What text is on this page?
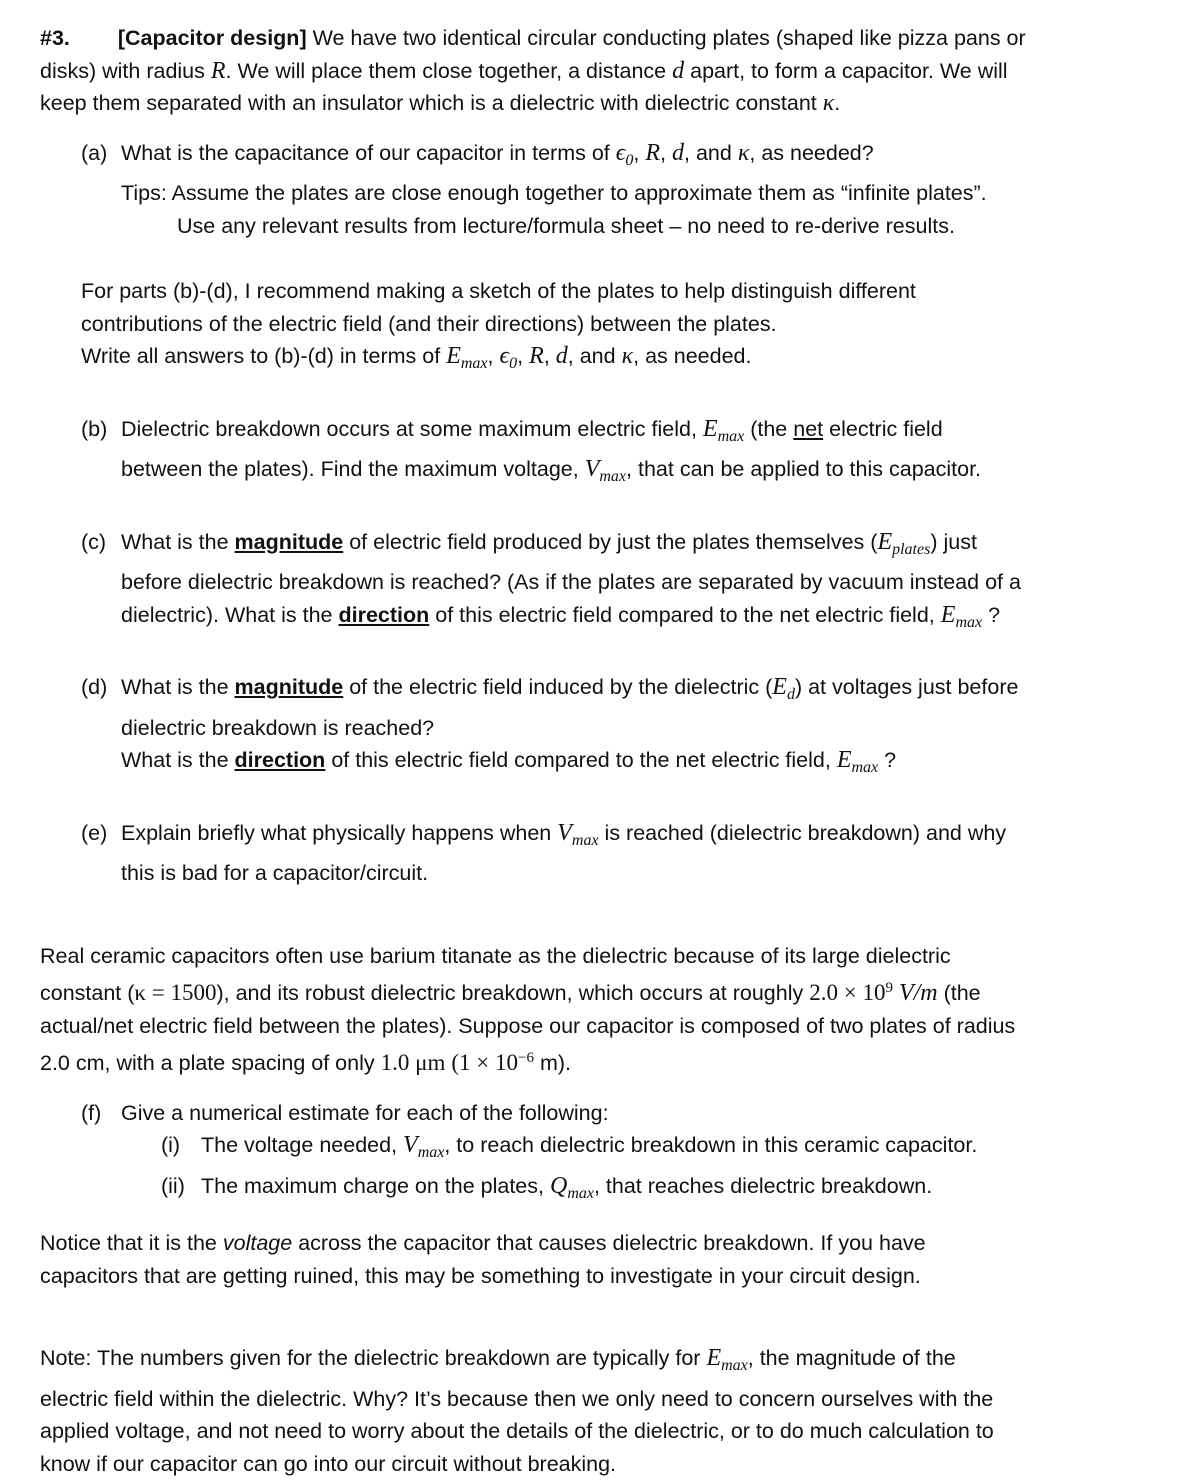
#3. [Capacitor design] We have two identical circular conducting plates (shaped like pizza pans or

disks) with radius R. We will place them close together, a distance d apart, to form a capacitor. We will

keep them separated with an insulator which is a dielectric with dielectric constant κ.

(a) What is the capacitance of our capacitor in terms of $\epsilon_0$, R, d, and κ, as needed?

Tips: Assume the plates are close enough together to approximate them as “infinite plates”.

Use any relevant results from lecture/formula sheet – no need to re-derive results.

For parts (b)-(d), I recommend making a sketch of the plates to help distinguish different

contributions of the electric field (and their directions) between the plates.

Write all answers to (b)-(d) in terms of $E_{max}$, $\epsilon_0$, R, d, and κ, as needed.

(b) Dielectric breakdown occurs at some maximum electric field, $E_{max}$ (the net electric field

between the plates). Find the maximum voltage, $V_{max}$, that can be applied to this capacitor.

(c) What is the magnitude of electric field produced by just the plates themselves $(E_{plates})$ just

before dielectric breakdown is reached? (As if the plates are separated by vacuum instead of a

dielectric). What is the direction of this electric field compared to the net electric field, $E_{max}$ ?

(d) What is the magnitude of the electric field induced by the dielectric $(E_d)$ at voltages just before

dielectric breakdown is reached?

What is the direction of this electric field compared to the net electric field, $E_{max}$ ?

(e) Explain briefly what physically happens when $V_{max}$ is reached (dielectric breakdown) and why

this is bad for a capacitor/circuit.

Real ceramic capacitors often use barium titanate as the dielectric because of its large dielectric

constant (κ = 1500), and its robust dielectric breakdown, which occurs at roughly $2.0 \times 10^9$ V/m (the

actual/net electric field between the plates). Suppose our capacitor is composed of two plates of radius

2.0 cm, with a plate spacing of only 1.0 μm ($1 \times 10^{-6}$ m).

(f) Give a numerical estimate for each of the following:

(i) The voltage needed, $V_{max}$, to reach dielectric breakdown in this ceramic capacitor.

(ii) The maximum charge on the plates, $Q_{max}$, that reaches dielectric breakdown.

Notice that it is the voltage across the capacitor that causes dielectric breakdown. If you have

capacitors that are getting ruined, this may be something to investigate in your circuit design.

Note: The numbers given for the dielectric breakdown are typically for $E_{max}$, the magnitude of the

electric field within the dielectric. Why? It’s because then we only need to concern ourselves with the

applied voltage, and not need to worry about the details of the dielectric, or to do much calculation to

know if our capacitor can go into our circuit without breaking.
